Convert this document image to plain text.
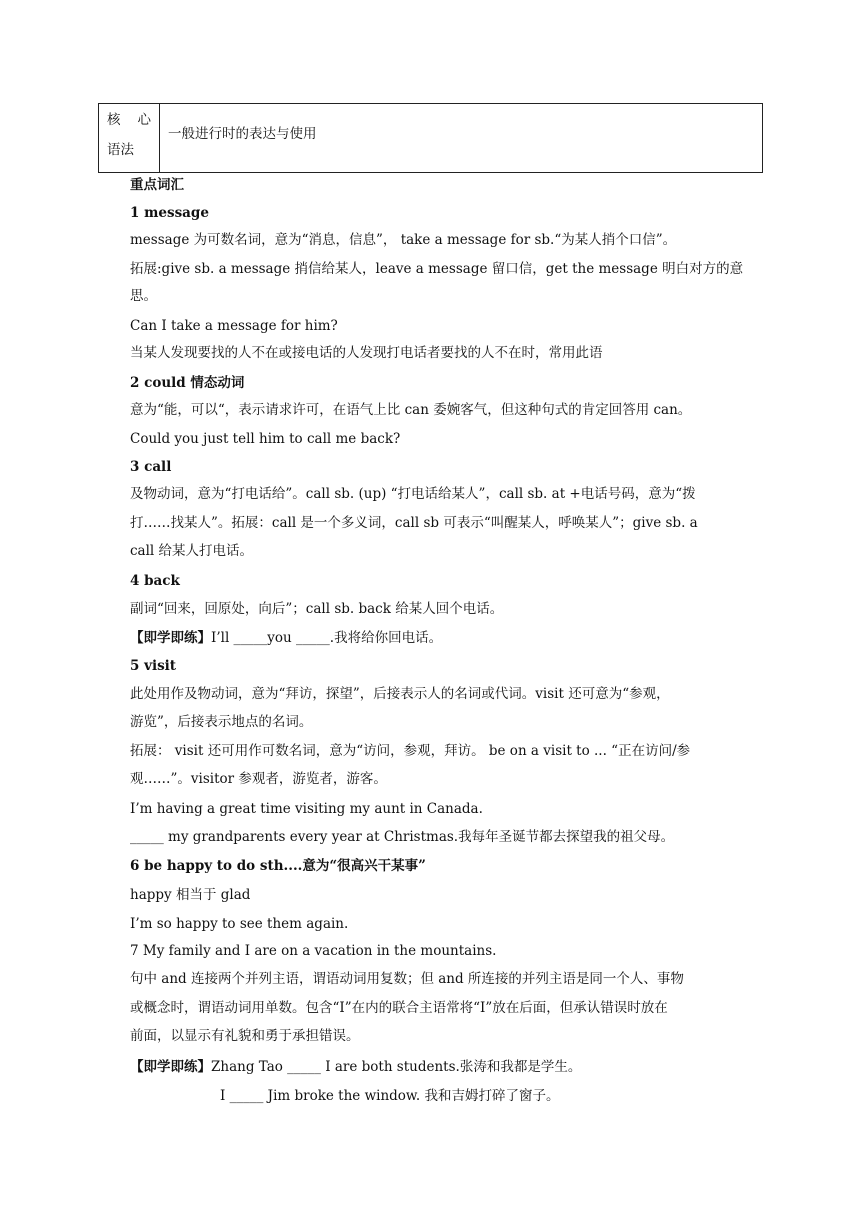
核 心
语法
	一般进行时的表达与使用
重点词汇
1 message
message 为可数名词，意为“消息，信息”， take a message for sb.“为某人捎个口信”。
拓展:give sb. a message 捎信给某人，leave a message 留口信，get the message 明白对方的意
思。
Can I take a message for him?
当某人发现要找的人不在或接电话的人发现打电话者要找的人不在时，常用此语
2 could 情态动词
意为“能，可以“，表示请求许可，在语气上比 can 委婉客气，但这种句式的肯定回答用 can。
Could you just tell him to call me back?
3 call
及物动词，意为“打电话给”。call sb. (up) “打电话给某人”，call sb. at +电话号码，意为“拨
打……找某人”。拓展：call 是一个多义词，call sb 可表示“叫醒某人，呼唤某人”；give sb. a
call 给某人打电话。
4 back
副词“回来，回原处，向后”；call sb. back 给某人回个电话。
【即学即练】I’ll _____you _____.我将给你回电话。
5 visit
此处用作及物动词，意为“拜访，探望”，后接表示人的名词或代词。visit 还可意为“参观，
游览”，后接表示地点的名词。
拓展： visit 还可用作可数名词，意为“访问，参观，拜访。 be on a visit to ... “正在访问/参
观……”。visitor 参观者，游览者，游客。
I’m having a great time visiting my aunt in Canada.
_____ my grandparents every year at Christmas.我每年圣诞节都去探望我的祖父母。
6 be happy to do sth....意为“很高兴干某事”
happy 相当于 glad
I’m so happy to see them again.
7 My family and I are on a vacation in the mountains.
句中 and 连接两个并列主语，谓语动词用复数；但 and 所连接的并列主语是同一个人、事物
或概念时，谓语动词用单数。包含“I”在内的联合主语常将“I”放在后面，但承认错误时放在
前面，以显示有礼貌和勇于承担错误。
【即学即练】Zhang Tao _____ I are both students.张涛和我都是学生。
I _____ Jim broke the window. 我和吉姆打碎了窗子。
